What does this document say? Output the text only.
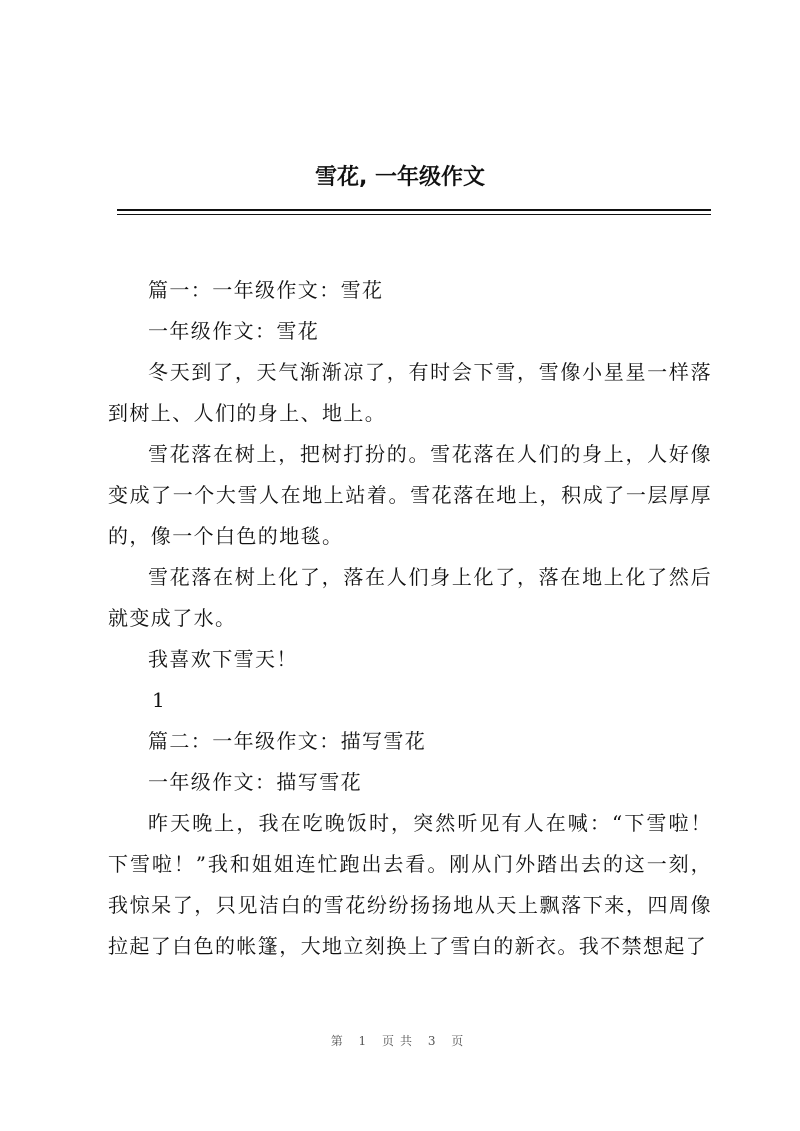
雪花, 一年级作文

篇一：一年级作文：雪花

一年级作文：雪花

冬天到了，天气渐渐凉了，有时会下雪，雪像小星星一样落到树上、人们的身上、地上。

雪花落在树上，把树打扮的。雪花落在人们的身上，人好像变成了一个大雪人在地上站着。雪花落在地上，积成了一层厚厚的，像一个白色的地毯。

雪花落在树上化了，落在人们身上化了，落在地上化了然后就变成了水。

我喜欢下雪天！

1

篇二：一年级作文：描写雪花

一年级作文：描写雪花

昨天晚上，我在吃晚饭时，突然听见有人在喊：“下雪啦！下雪啦！”我和姐姐连忙跑出去看。刚从门外踏出去的这一刻，我惊呆了，只见洁白的雪花纷纷扬扬地从天上飘落下来，四周像拉起了白色的帐篷，大地立刻换上了雪白的新衣。我不禁想起了

第 1 页共 3 页
